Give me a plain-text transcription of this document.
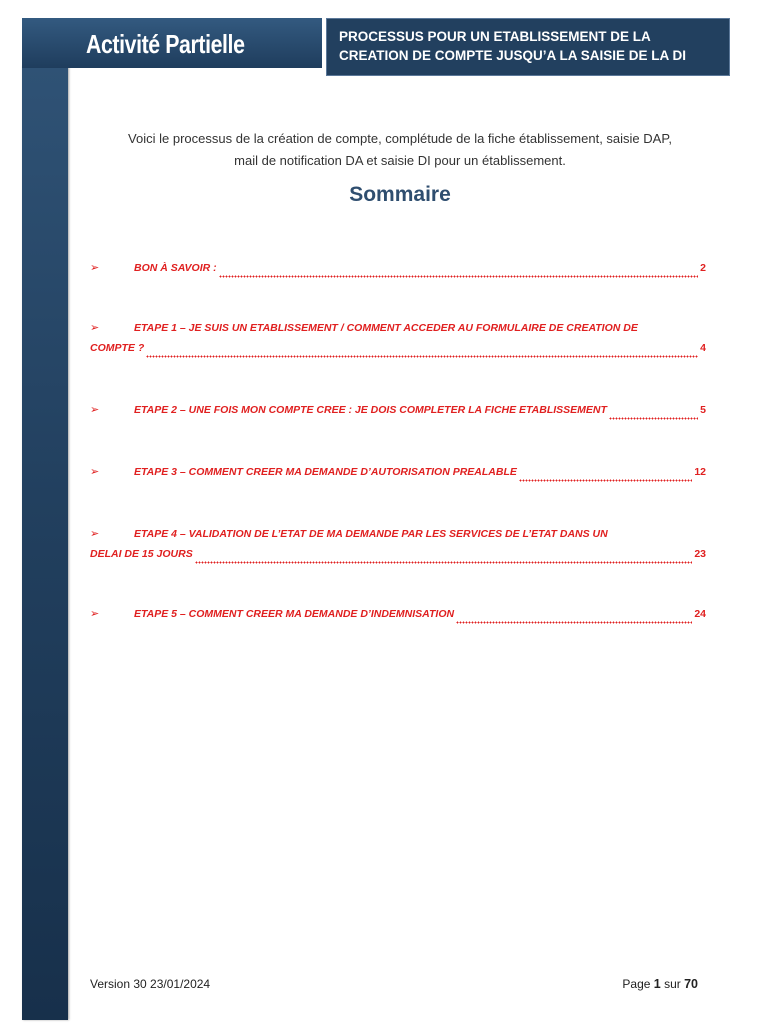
Activité Partielle	PROCESSUS POUR UN ETABLISSEMENT DE LA
CREATION DE COMPTE JUSQU’A LA SAISIE DE LA DI
Voici le processus de la création de compte, complétude de la fiche établissement, saisie DAP,
mail de notification DA et saisie DI pour un établissement.
Sommaire
➢	BON À SAVOIR :	2
➢	ETAPE 1 – JE SUIS UN ETABLISSEMENT / COMMENT ACCEDER AU FORMULAIRE DE CREATION DE
COMPTE ?	4
➢	ETAPE 2 – UNE FOIS MON COMPTE CREE : JE DOIS COMPLETER LA FICHE ETABLISSEMENT	5
➢	ETAPE 3 – COMMENT CREER MA DEMANDE D’AUTORISATION PREALABLE	12
➢	ETAPE 4 – VALIDATION DE L’ETAT DE MA DEMANDE PAR LES SERVICES DE L’ETAT DANS UN
DELAI DE 15 JOURS	23
➢	ETAPE 5 – COMMENT CREER MA DEMANDE D’INDEMNISATION	24
Version 30 23/01/2024	Page 1 sur 70
